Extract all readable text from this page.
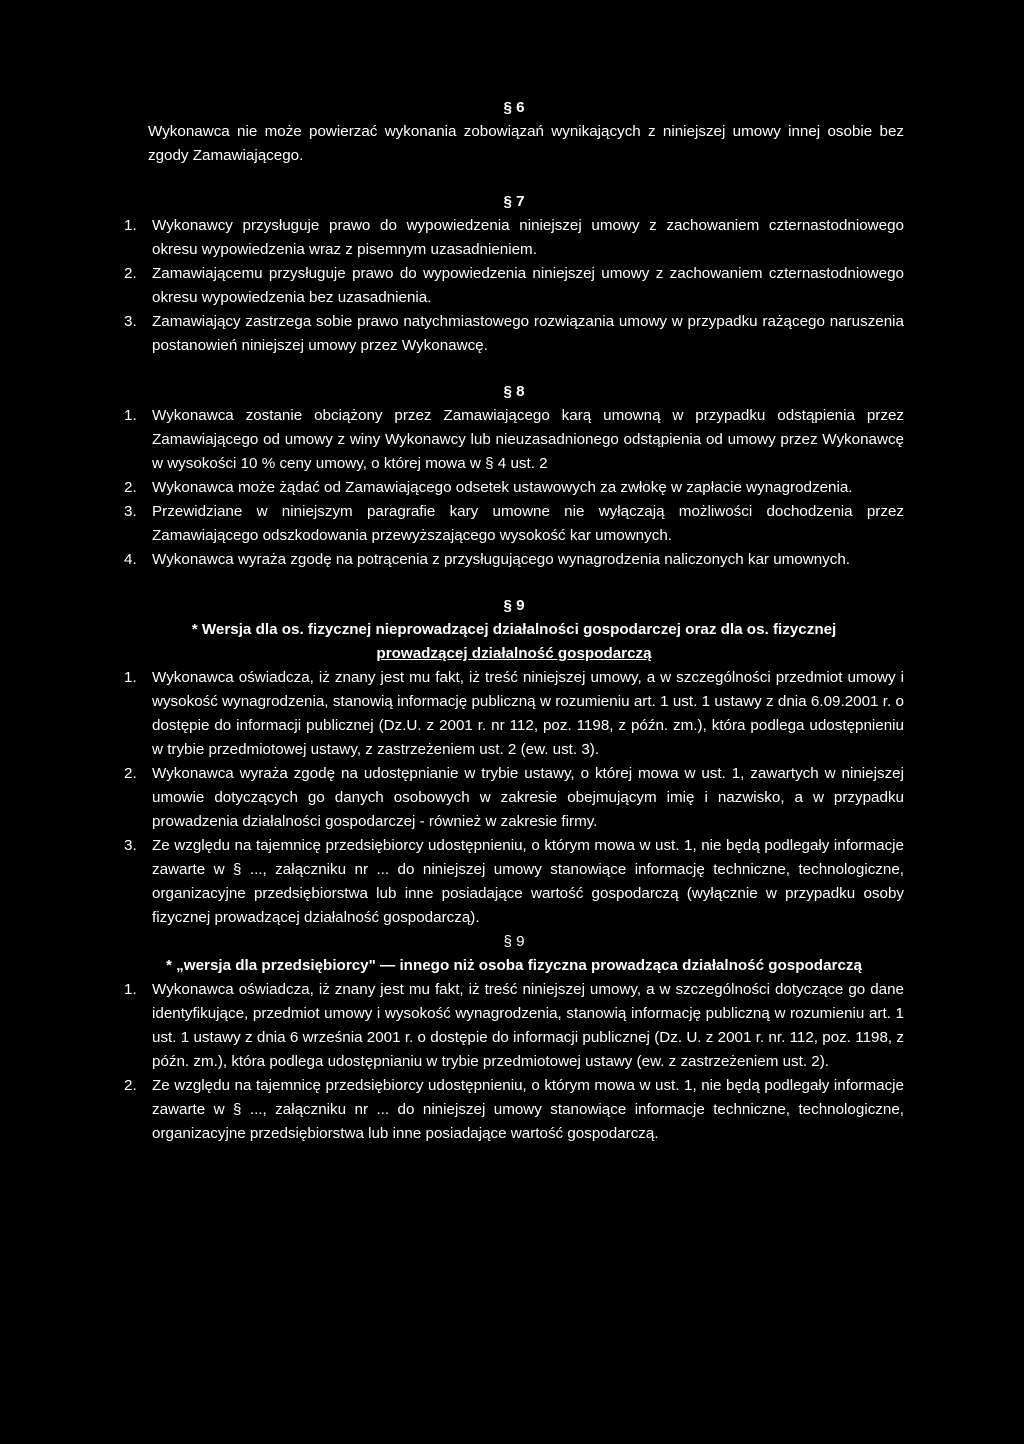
§ 6
Wykonawca nie może powierzać wykonania zobowiązań wynikających z niniejszej umowy innej osobie bez zgody Zamawiającego.
§ 7
1. Wykonawcy przysługuje prawo do wypowiedzenia niniejszej umowy z zachowaniem czternastodniowego okresu wypowiedzenia wraz z pisemnym uzasadnieniem.
2. Zamawiającemu przysługuje prawo do wypowiedzenia niniejszej umowy z zachowaniem czternastodniowego okresu wypowiedzenia bez uzasadnienia.
3. Zamawiający zastrzega sobie prawo natychmiastowego rozwiązania umowy w przypadku rażącego naruszenia postanowień niniejszej umowy przez Wykonawcę.
§ 8
1. Wykonawca zostanie obciążony przez Zamawiającego karą umowną w przypadku odstąpienia przez Zamawiającego od umowy z winy Wykonawcy lub nieuzasadnionego odstąpienia od umowy przez Wykonawcę w wysokości 10 % ceny umowy, o której mowa w § 4 ust. 2
2. Wykonawca może żądać od Zamawiającego odsetek ustawowych za zwłokę w zapłacie wynagrodzenia.
3. Przewidziane w niniejszym paragrafie kary umowne nie wyłączają możliwości dochodzenia przez Zamawiającego odszkodowania przewyższającego wysokość kar umownych.
4. Wykonawca wyraża zgodę na potrącenia z przysługującego wynagrodzenia naliczonych kar umownych.
§ 9
* Wersja dla os. fizycznej nieprowadzącej działalności gospodarczej oraz dla os. fizycznej
prowadzącej działalność gospodarczą
1. Wykonawca oświadcza, iż znany jest mu fakt, iż treść niniejszej umowy, a w szczególności przedmiot umowy i wysokość wynagrodzenia, stanowią informację publiczną w rozumieniu art. 1 ust. 1 ustawy z dnia 6.09.2001 r. o dostępie do informacji publicznej (Dz.U. z 2001 r. nr 112, poz. 1198, z późn. zm.), która podlega udostępnieniu w trybie przedmiotowej ustawy, z zastrzeżeniem ust. 2 (ew. ust. 3).
2. Wykonawca wyraża zgodę na udostępnianie w trybie ustawy, o której mowa w ust. 1, zawartych w niniejszej umowie dotyczących go danych osobowych w zakresie obejmującym imię i nazwisko, a w przypadku prowadzenia działalności gospodarczej - również w zakresie firmy.
3. Ze względu na tajemnicę przedsiębiorcy udostępnieniu, o którym mowa w ust. 1, nie będą podlegały informacje zawarte w § ..., załączniku nr ... do niniejszej umowy stanowiące informację techniczne, technologiczne, organizacyjne przedsiębiorstwa lub inne posiadające wartość gospodarczą (wyłącznie w przypadku osoby fizycznej prowadzącej działalność gospodarczą).
§ 9
* „wersja dla przedsiębiorcy" — innego niż osoba fizyczna prowadząca działalność gospodarczą
1. Wykonawca oświadcza, iż znany jest mu fakt, iż treść niniejszej umowy, a w szczególności dotyczące go dane identyfikujące, przedmiot umowy i wysokość wynagrodzenia, stanowią informację publiczną w rozumieniu art. 1 ust. 1 ustawy z dnia 6 września 2001 r. o dostępie do informacji publicznej (Dz. U. z 2001 r. nr. 112, poz. 1198, z późn. zm.), która podlega udostępnianiu w trybie przedmiotowej ustawy (ew. z zastrzeżeniem ust. 2).
2. Ze względu na tajemnicę przedsiębiorcy udostępnieniu, o którym mowa w ust. 1, nie będą podlegały informacje zawarte w § ..., załączniku nr ... do niniejszej umowy stanowiące informacje techniczne, technologiczne, organizacyjne przedsiębiorstwa lub inne posiadające wartość gospodarczą.
